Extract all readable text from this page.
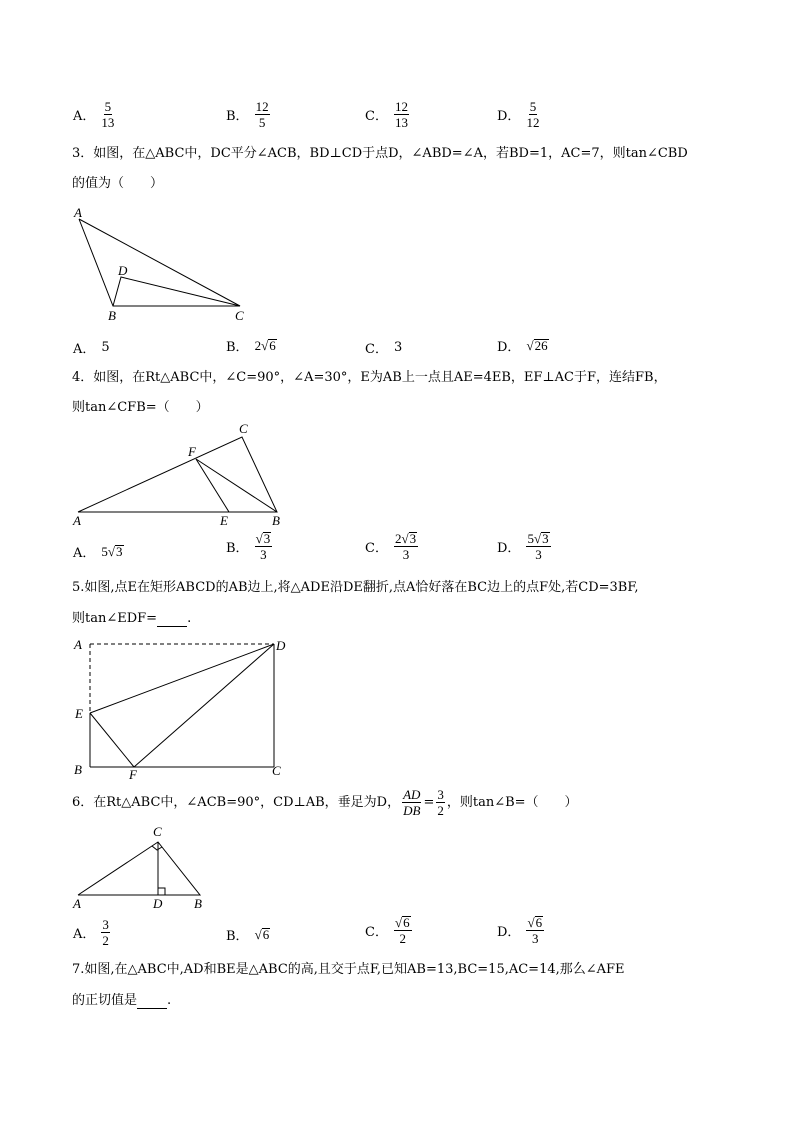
A． $\frac{5}{13}$	B． $\frac{12}{5}$	C． $\frac{12}{13}$	D． $\frac{5}{12}$
3．如图，在△ABC中，DC平分∠ACB，BD⊥CD于点D，∠ABD=∠A，若BD=1，AC=7，则tan∠CBD
的值为（　　）
A
D
B	C
C
F
A	E	B
A	D
E
B	F	C
C
A	D B
A． 5	B． 2 √ 6	C． 3	D． √ 26
4．如图，在Rt△ABC中，∠C=90°，∠A=30°，E为AB上一点且AE=4EB，EF⊥AC于F，连结FB，
则tan∠CFB=（　　）
A． 5 √ 3	B． $\frac{√ 3}{3}$	C． $\frac{2 √ 3}{3}$	D． $\frac{5 √ 3}{3}$
5.如图,点E在矩形ABCD的AB边上,将△ADE沿DE翻折,点A恰好落在BC边上的点F处,若CD=3BF,
则tan∠EDF= .
6．在Rt△ABC中，∠ACB=90°，CD⊥AB，垂足为D， $\frac{AD}{DB} = \frac{3}{2}$ ，则tan∠B=（　　）
A． $\frac{3}{2}$	B． √ 6	C． $\frac{√ 6}{2}$	D． $\frac{√ 6}{3}$
7.如图,在△ABC中,AD和BE是△ABC的高,且交于点F,已知AB=13,BC=15,AC=14,那么∠AFE
的正切值是 .
